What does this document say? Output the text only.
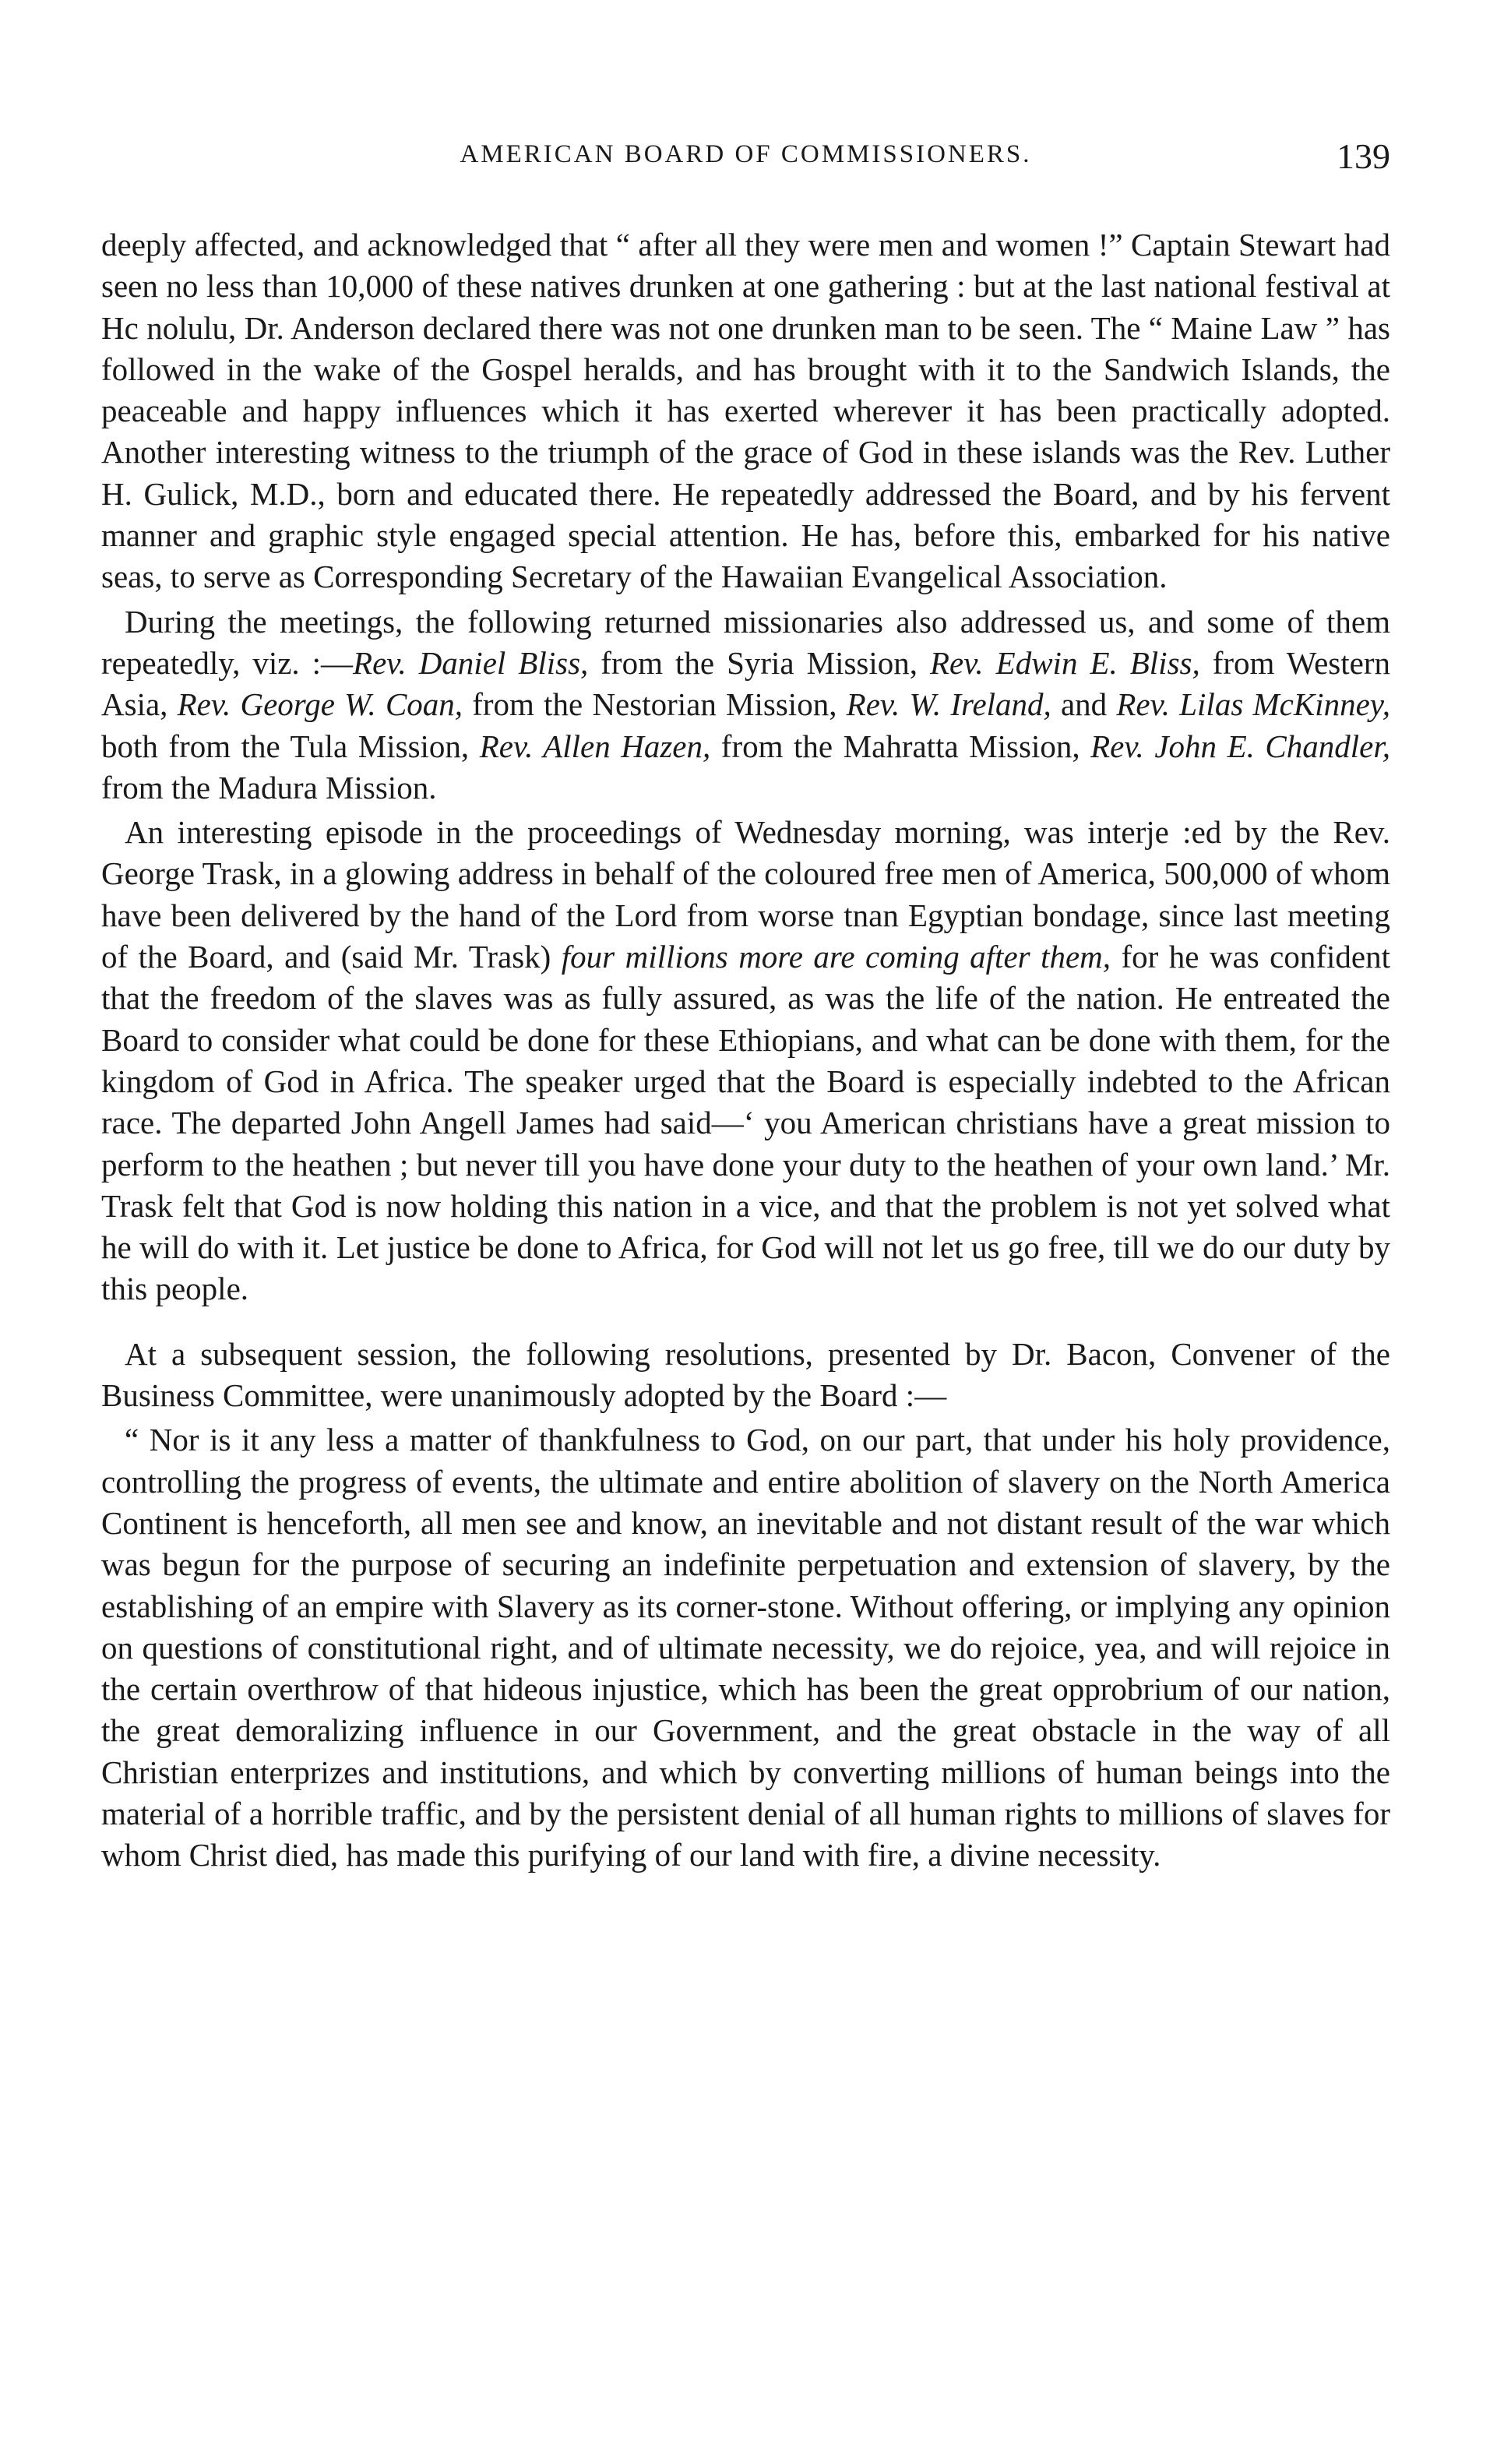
AMERICAN BOARD OF COMMISSIONERS.	139

deeply affected, and acknowledged that “ after all they were men and women !” Captain Stewart had seen no less than 10,000 of these natives drunken at one gathering : but at the last national festival at Hc nolulu, Dr. Anderson declared there was not one drunken man to be seen. The “ Maine Law ” has followed in the wake of the Gospel heralds, and has brought with it to the Sandwich Islands, the peaceable and happy influences which it has exerted wherever it has been practically adopted. Another interesting witness to the triumph of the grace of God in these islands was the Rev. Luther H. Gulick, M.D., born and educated there. He repeatedly addressed the Board, and by his fervent manner and graphic style engaged special attention. He has, before this, embarked for his native seas, to serve as Corresponding Secretary of the Hawaiian Evangelical Association.

During the meetings, the following returned missionaries also addressed us, and some of them repeatedly, viz. :—Rev. Daniel Bliss, from the Syria Mission, Rev. Edwin E. Bliss, from Western Asia, Rev. George W. Coan, from the Nestorian Mission, Rev. W. Ireland, and Rev. Lilas McKinney, both from the Tula Mission, Rev. Allen Hazen, from the Mahratta Mission, Rev. John E. Chandler, from the Madura Mission.

An interesting episode in the proceedings of Wednesday morning, was interje :ed by the Rev. George Trask, in a glowing address in behalf of the coloured free men of America, 500,000 of whom have been delivered by the hand of the Lord from worse tnan Egyptian bondage, since last meeting of the Board, and (said Mr. Trask) four millions more are coming after them, for he was confident that the freedom of the slaves was as fully assured, as was the life of the nation. He entreated the Board to consider what could be done for these Ethiopians, and what can be done with them, for the kingdom of God in Africa. The speaker urged that the Board is especially indebted to the African race. The departed John Angell James had said—‘ you American christians have a great mission to perform to the heathen ; but never till you have done your duty to the heathen of your own land.’ Mr. Trask felt that God is now holding this nation in a vice, and that the problem is not yet solved what he will do with it. Let justice be done to Africa, for God will not let us go free, till we do our duty by this people.

At a subsequent session, the following resolutions, presented by Dr. Bacon, Convener of the Business Committee, were unanimously adopted by the Board :—

“ Nor is it any less a matter of thankfulness to God, on our part, that under his holy providence, controlling the progress of events, the ultimate and entire abolition of slavery on the North America Continent is henceforth, all men see and know, an inevitable and not distant result of the war which was begun for the purpose of securing an indefinite perpetuation and extension of slavery, by the establishing of an empire with Slavery as its corner-stone. Without offering, or implying any opinion on questions of constitutional right, and of ultimate necessity, we do rejoice, yea, and will rejoice in the certain overthrow of that hideous injustice, which has been the great opprobrium of our nation, the great demoralizing influence in our Government, and the great obstacle in the way of all Christian enterprizes and institutions, and which by converting millions of human beings into the material of a horrible traffic, and by the persistent denial of all human rights to millions of slaves for whom Christ died, has made this purifying of our land with fire, a divine necessity.
